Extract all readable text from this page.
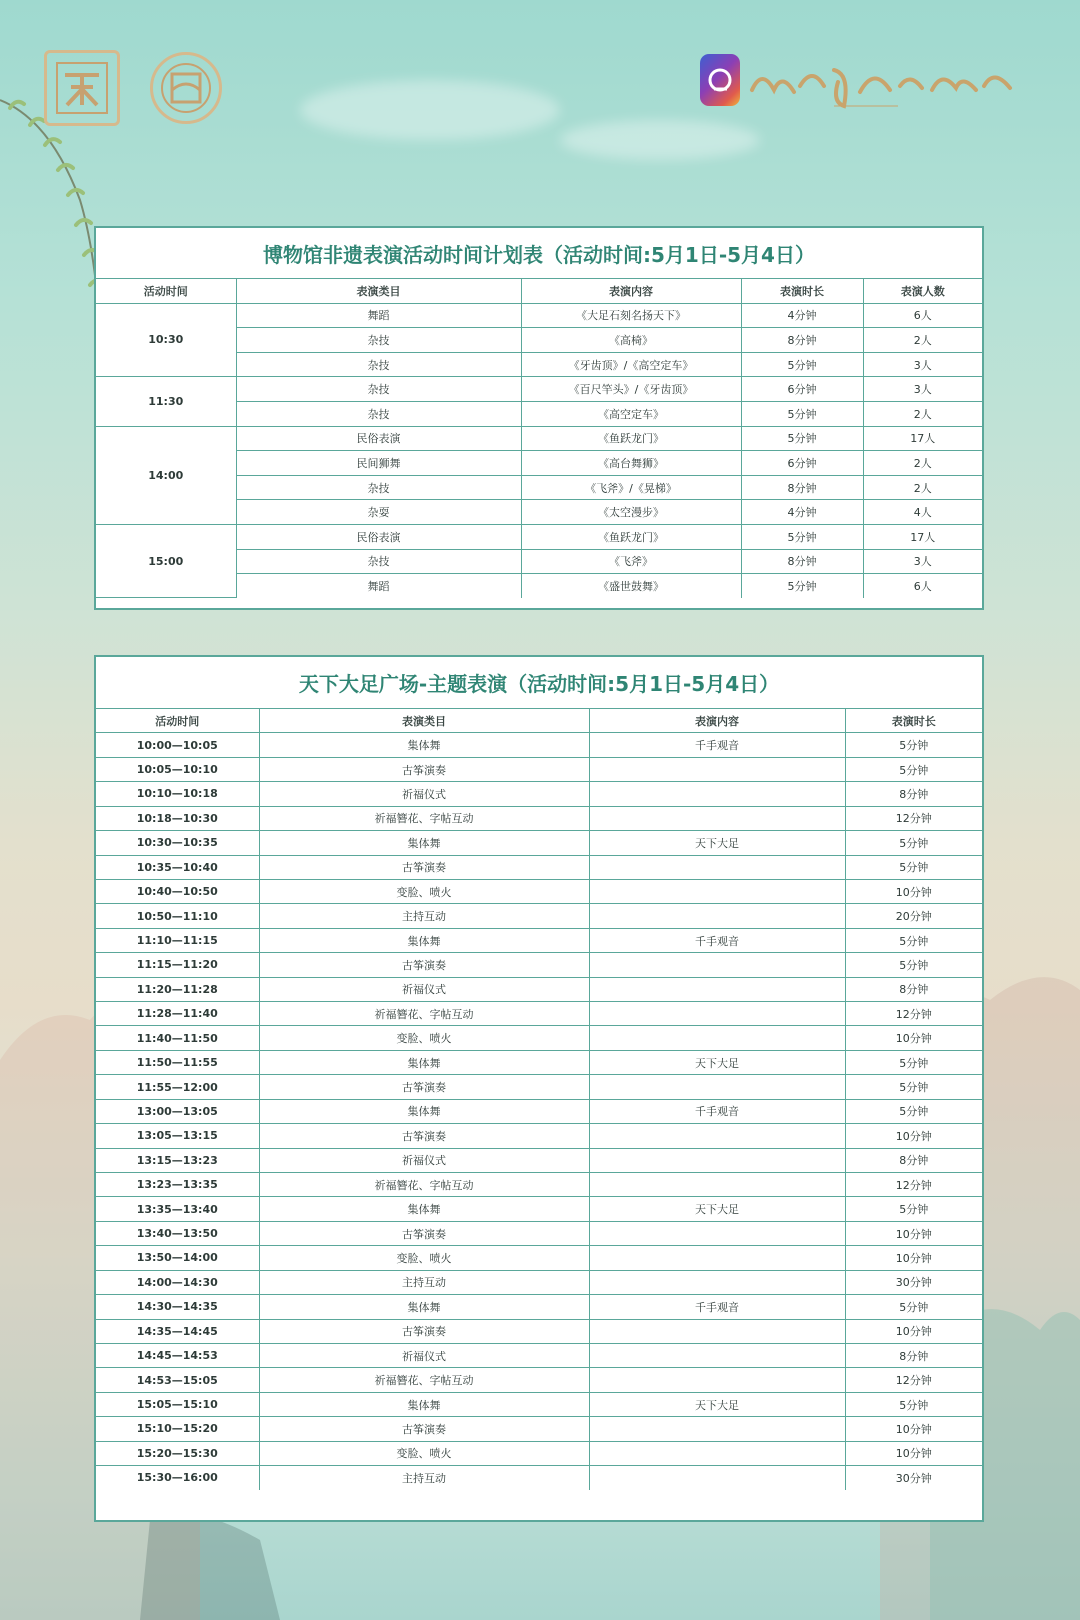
博物馆非遗表演活动时间计划表（活动时间:5月1日-5月4日）
活动时间	表演类目	表演内容	表演时长	表演人数
10:30	舞蹈	《大足石刻名扬天下》	4分钟	6人
	杂技	《高椅》	8分钟	2人
	杂技	《牙齿顶》/《高空定车》	5分钟	3人
11:30	杂技	《百尺竿头》/《牙齿顶》	6分钟	3人
	杂技	《高空定车》	5分钟	2人
14:00	民俗表演	《鱼跃龙门》	5分钟	17人
	民间狮舞	《高台舞狮》	6分钟	2人
	杂技	《飞斧》/《晃梯》	8分钟	2人
	杂耍	《太空漫步》	4分钟	4人
15:00	民俗表演	《鱼跃龙门》	5分钟	17人
	杂技	《飞斧》	8分钟	3人
	舞蹈	《盛世鼓舞》	5分钟	6人
天下大足广场-主题表演（活动时间:5月1日-5月4日）
活动时间	表演类目	表演内容	表演时长
10:00—10:05	集体舞	千手观音	5分钟
10:05—10:10	古筝演奏		5分钟
10:10—10:18	祈福仪式		8分钟
10:18—10:30	祈福簪花、字帖互动		12分钟
10:30—10:35	集体舞	天下大足	5分钟
10:35—10:40	古筝演奏		5分钟
10:40—10:50	变脸、喷火		10分钟
10:50—11:10	主持互动		20分钟
11:10—11:15	集体舞	千手观音	5分钟
11:15—11:20	古筝演奏		5分钟
11:20—11:28	祈福仪式		8分钟
11:28—11:40	祈福簪花、字帖互动		12分钟
11:40—11:50	变脸、喷火		10分钟
11:50—11:55	集体舞	天下大足	5分钟
11:55—12:00	古筝演奏		5分钟
13:00—13:05	集体舞	千手观音	5分钟
13:05—13:15	古筝演奏		10分钟
13:15—13:23	祈福仪式		8分钟
13:23—13:35	祈福簪花、字帖互动		12分钟
13:35—13:40	集体舞	天下大足	5分钟
13:40—13:50	古筝演奏		10分钟
13:50—14:00	变脸、喷火		10分钟
14:00—14:30	主持互动		30分钟
14:30—14:35	集体舞	千手观音	5分钟
14:35—14:45	古筝演奏		10分钟
14:45—14:53	祈福仪式		8分钟
14:53—15:05	祈福簪花、字帖互动		12分钟
15:05—15:10	集体舞	天下大足	5分钟
15:10—15:20	古筝演奏		10分钟
15:20—15:30	变脸、喷火		10分钟
15:30—16:00	主持互动		30分钟
